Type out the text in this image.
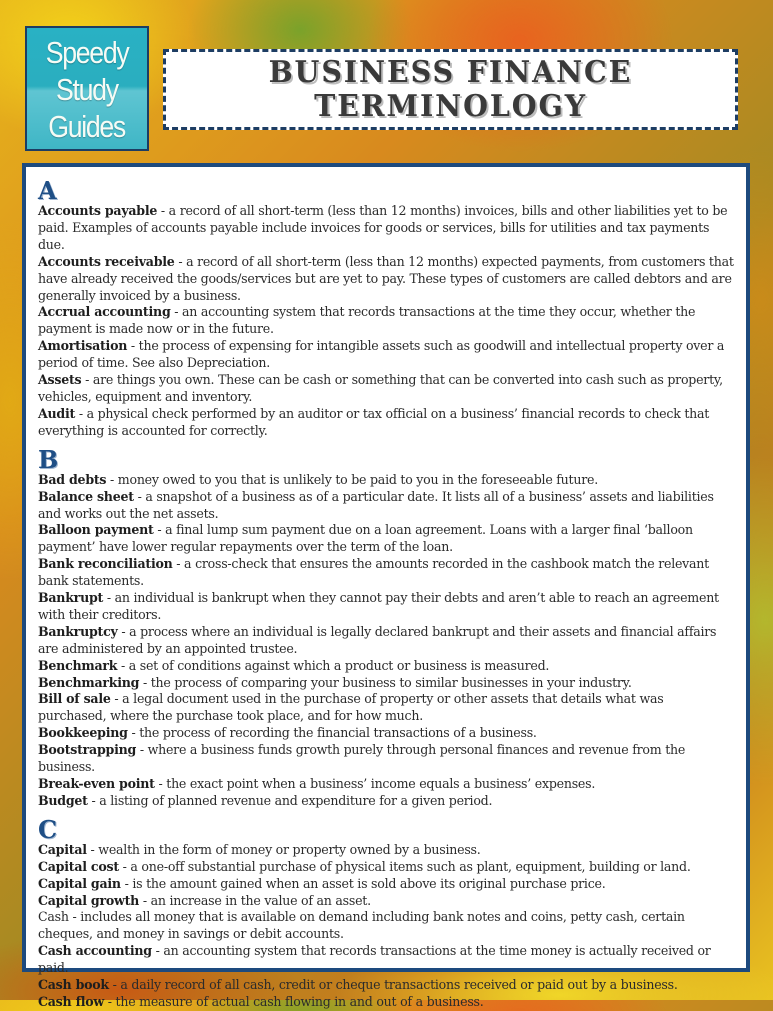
Speedy
Study
Guides
BUSINESS FINANCE
TERMINOLOGY
A
Accounts payable - a record of all short-term (less than 12 months) invoices, bills and other liabilities yet to be paid. Examples of accounts payable include invoices for goods or services, bills for utilities and tax payments due.
Accounts receivable - a record of all short-term (less than 12 months) expected payments, from customers that have already received the goods/services but are yet to pay. These types of customers are called debtors and are generally invoiced by a business.
Accrual accounting - an accounting system that records transactions at the time they occur, whether the payment is made now or in the future.
Amortisation - the process of expensing for intangible assets such as goodwill and intellectual property over a period of time. See also Depreciation.
Assets - are things you own. These can be cash or something that can be converted into cash such as property, vehicles, equipment and inventory.
Audit - a physical check performed by an auditor or tax official on a business’ financial records to check that everything is accounted for correctly.
B
Bad debts - money owed to you that is unlikely to be paid to you in the foreseeable future.
Balance sheet - a snapshot of a business as of a particular date. It lists all of a business’ assets and liabilities and works out the net assets.
Balloon payment - a final lump sum payment due on a loan agreement. Loans with a larger final ‘balloon payment’ have lower regular repayments over the term of the loan.
Bank reconciliation - a cross-check that ensures the amounts recorded in the cashbook match the relevant bank statements.
Bankrupt - an individual is bankrupt when they cannot pay their debts and aren’t able to reach an agreement with their creditors.
Bankruptcy - a process where an individual is legally declared bankrupt and their assets and financial affairs are administered by an appointed trustee.
Benchmark - a set of conditions against which a product or business is measured.
Benchmarking - the process of comparing your business to similar businesses in your industry.
Bill of sale - a legal document used in the purchase of property or other assets that details what was purchased, where the purchase took place, and for how much.
Bookkeeping - the process of recording the financial transactions of a business.
Bootstrapping - where a business funds growth purely through personal finances and revenue from the business.
Break-even point - the exact point when a business’ income equals a business’ expenses.
Budget - a listing of planned revenue and expenditure for a given period.
C
Capital - wealth in the form of money or property owned by a business.
Capital cost - a one-off substantial purchase of physical items such as plant, equipment, building or land.
Capital gain - is the amount gained when an asset is sold above its original purchase price.
Capital growth - an increase in the value of an asset.
Cash - includes all money that is available on demand including bank notes and coins, petty cash, certain cheques, and money in savings or debit accounts.
Cash accounting - an accounting system that records transactions at the time money is actually received or paid.
Cash book - a daily record of all cash, credit or cheque transactions received or paid out by a business.
Cash flow - the measure of actual cash flowing in and out of a business.
